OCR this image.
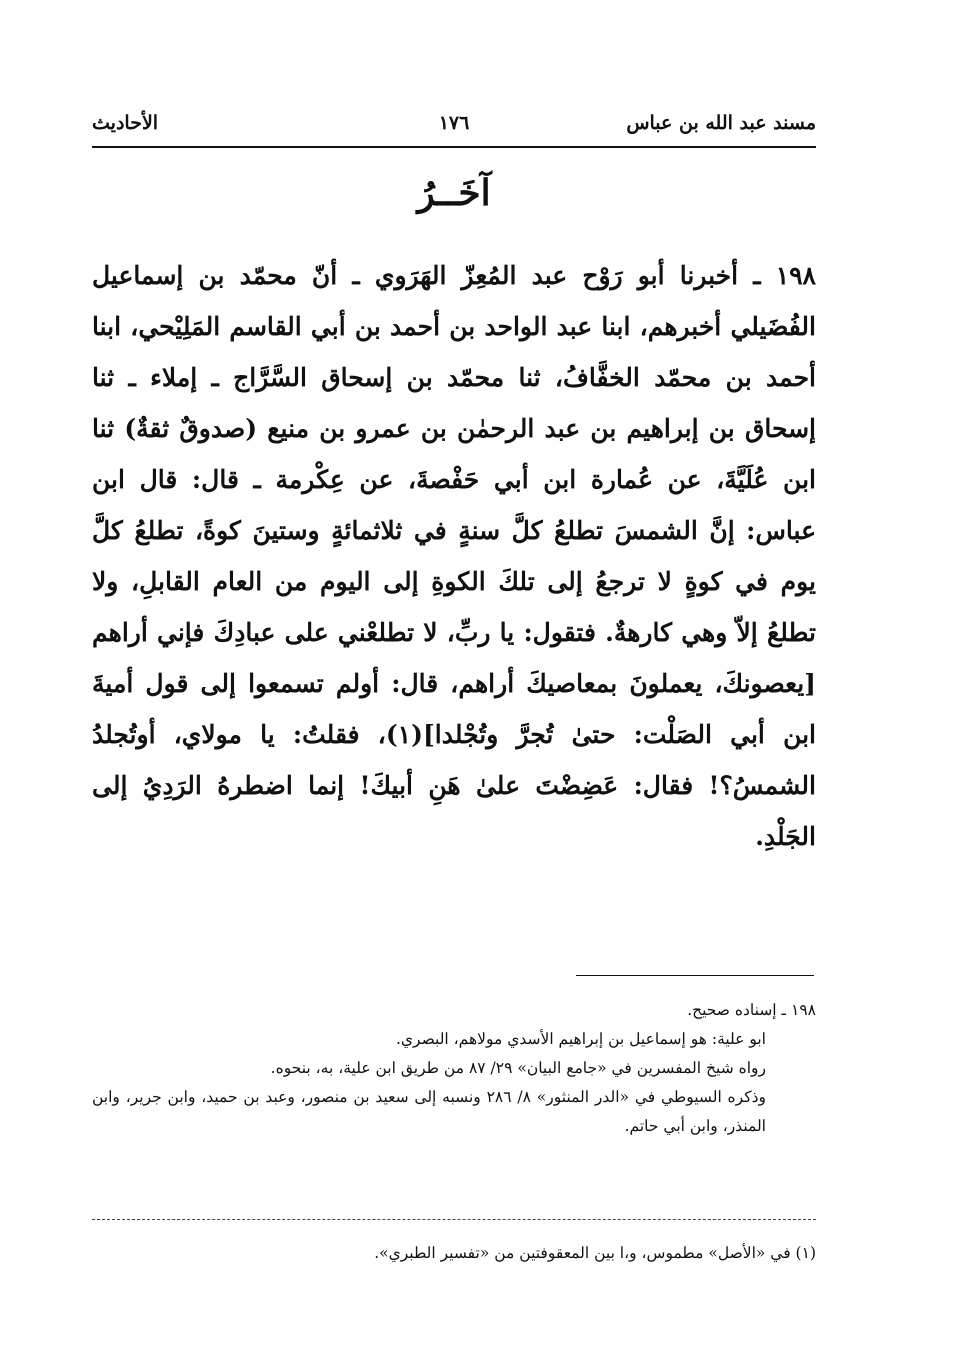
مسند عبد الله بن عباس
١٧٦
الأحاديث
آخَــرُ
١٩٨ ـ أخبرنا أبو رَوْح عبد المُعِزّ الهَرَوي ـ أنّ محمّد بن إسماعيل الفُضَيلي أخبرهم، ابنا عبد الواحد بن أحمد بن أبي القاسم المَلِيْحي، ابنا أحمد بن محمّد الخفَّافُ، ثنا محمّد بن إسحاق السَّرَّاج ـ إملاء ـ ثنا إسحاق بن إبراهيم بن عبد الرحمٰن بن عمرو بن منيع (صدوقٌ ثقةٌ) ثنا ابن عُلَيَّةَ، عن عُمارة ابن أبي حَفْصةَ، عن عِكْرمة ـ قال: قال ابن عباس: إنَّ الشمسَ تطلعُ كلَّ سنةٍ في ثلاثمائةٍ وستينَ كوةً، تطلعُ كلَّ يوم في كوةٍ لا ترجعُ إلى تلكَ الكوةِ إلى اليوم من العام القابلِ، ولا تطلعُ إلاّ وهي كارهةٌ. فتقول: يا ربِّ، لا تطلعْني على عبادِكَ فإني أراهم [يعصونكَ، يعملونَ بمعاصيكَ أراهم، قال: أولم تسمعوا إلى قول أميةَ ابن أبي الصَلْت: حتىٰ تُجرَّ وتُجْلدا](١)، فقلتُ: يا مولاي، أوتُجلدُ الشمسُ؟! فقال: عَضِضْتَ علىٰ هَنِ أبيكَ! إنما اضطرهُ الرَدِيُ إلى الجَلْدِ.

١٩٨ ـ إسناده صحيح.

ابو علية: هو إسماعيل بن إبراهيم الأسدي مولاهم، البصري.

رواه شيخ المفسرين في «جامع البيان» ٢٩/ ٨٧ من طريق ابن علية، به، بنحوه.

وذكره السيوطي في «الدر المنثور» ٨/ ٢٨٦ ونسبه إلى سعيد بن منصور، وعبد بن حميد، وابن جرير، وابن المنذر، وابن أبي حاتم.

(١) في «الأصل» مطموس، و،ا بين المعقوفتين من «تفسير الطبري».
